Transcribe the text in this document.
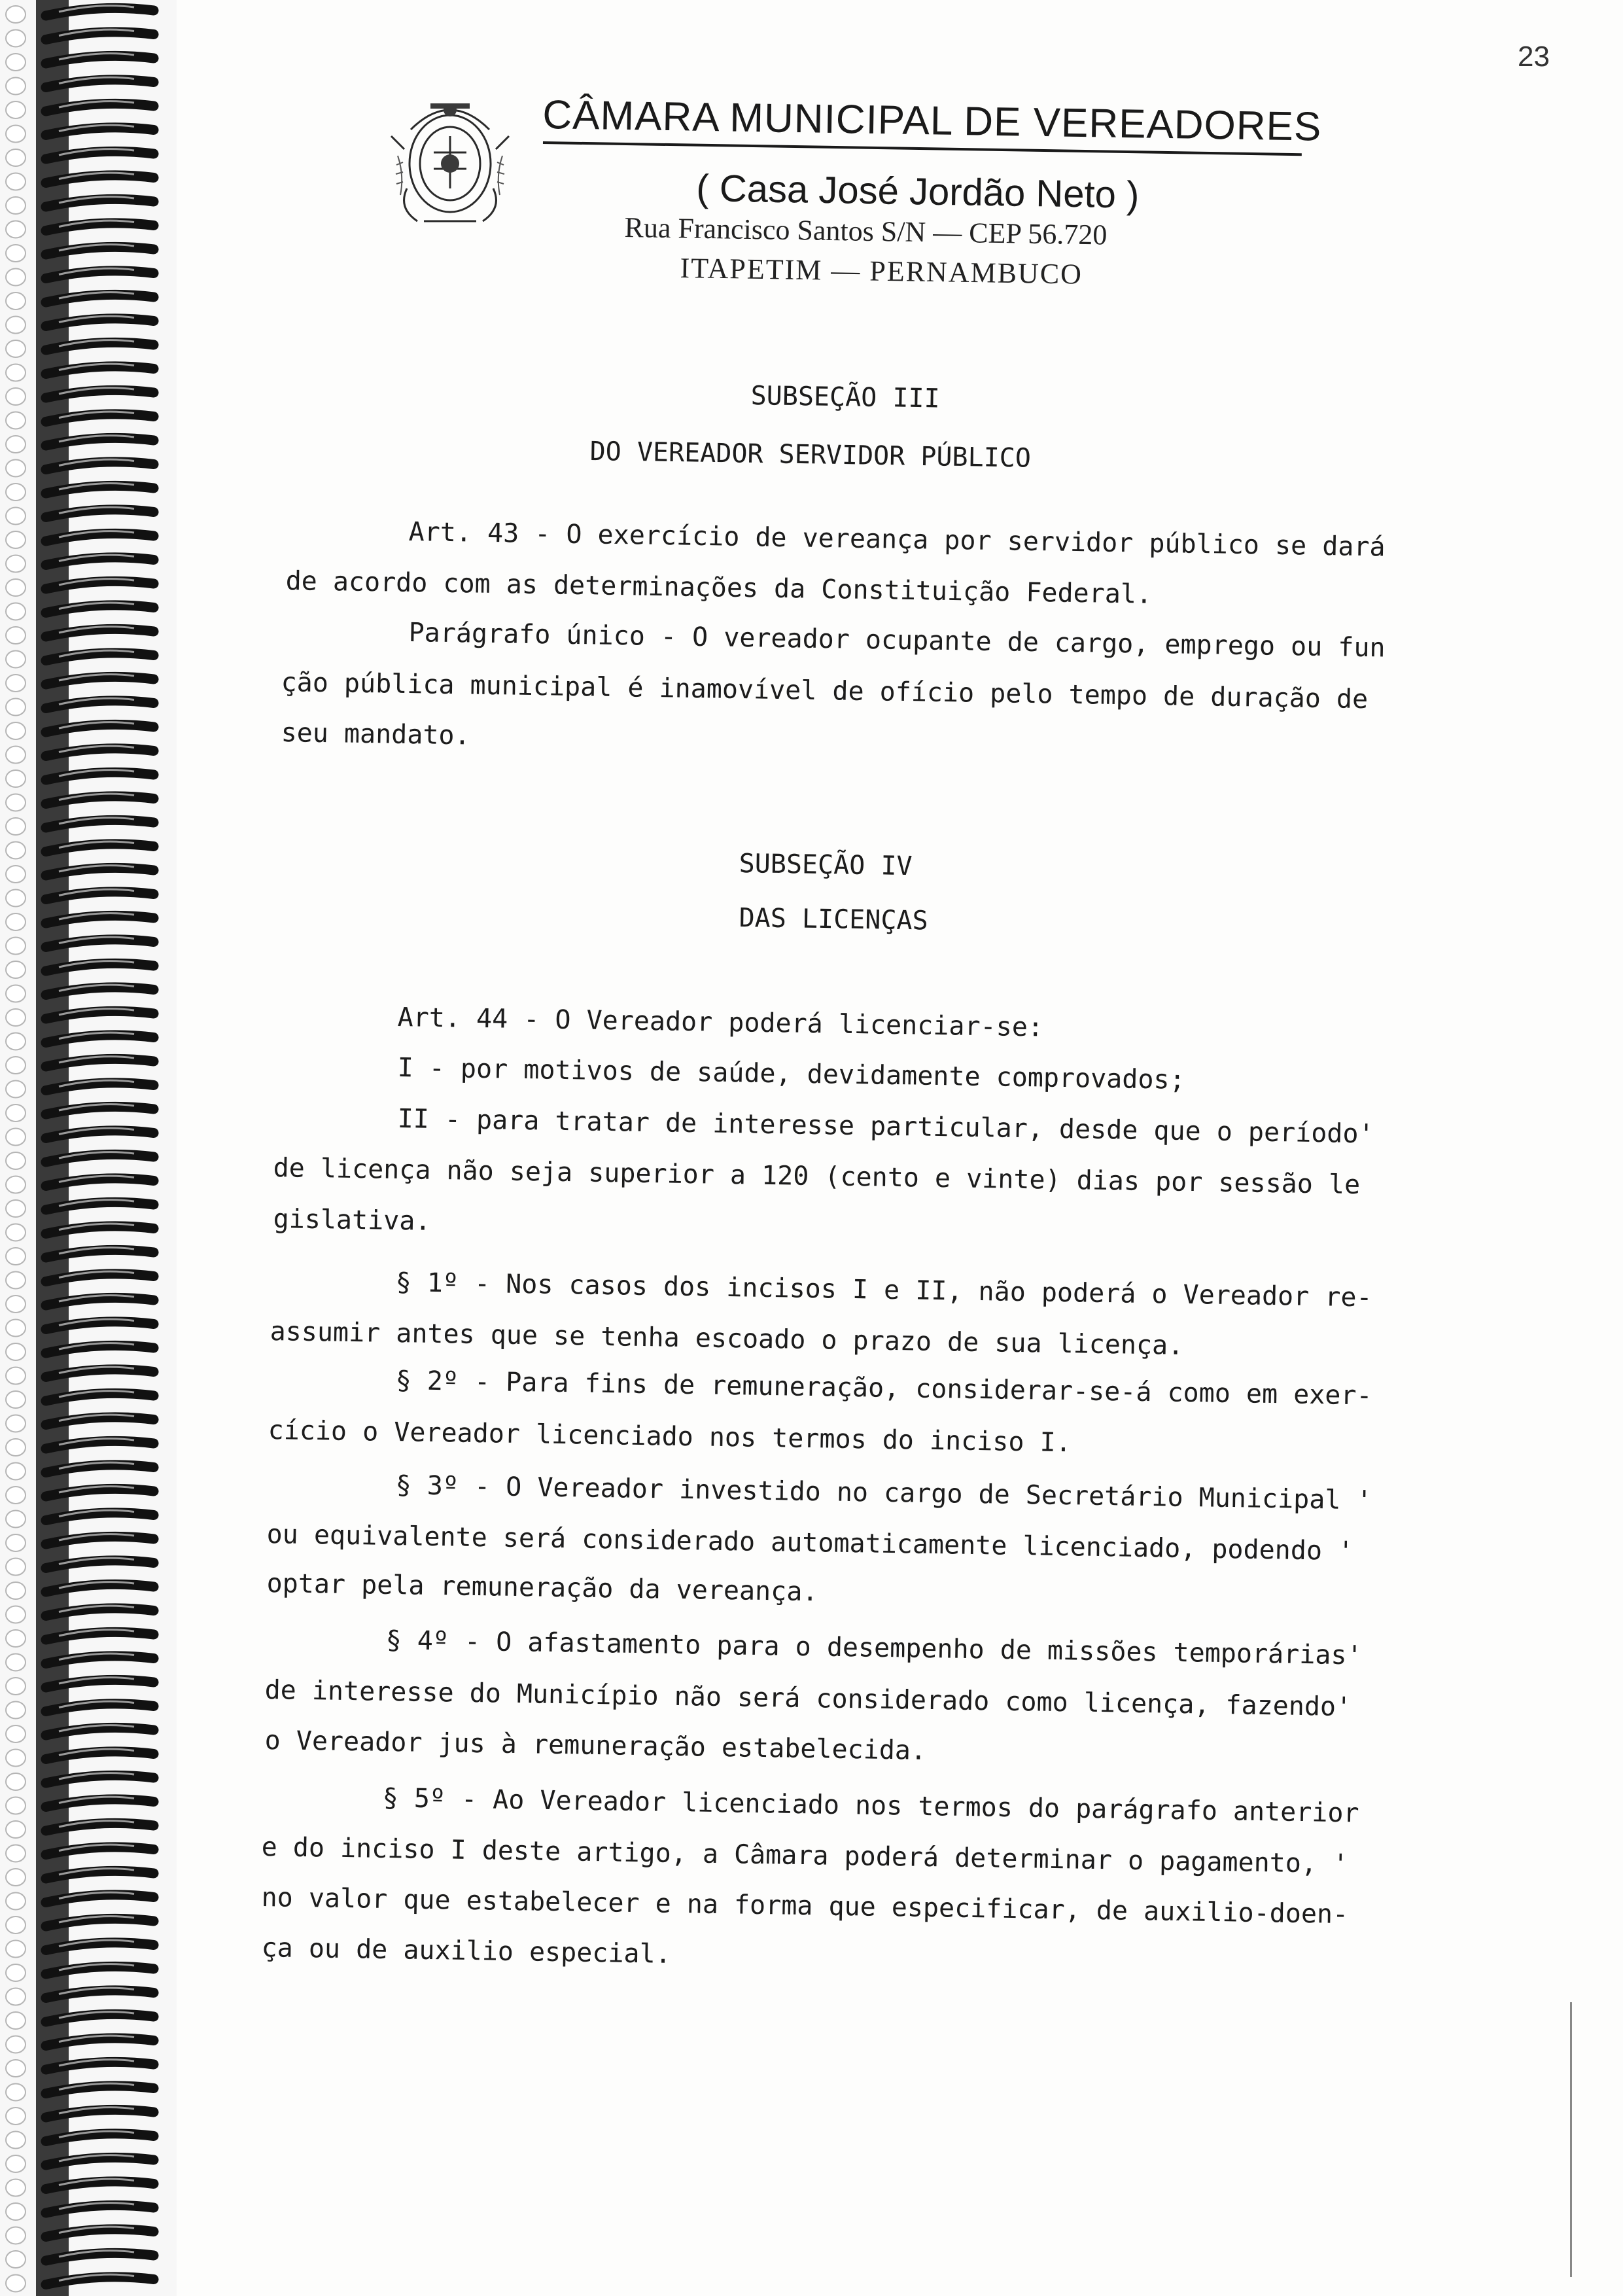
23
CÂMARA MUNICIPAL DE VEREADORES
( Casa José Jordão Neto )
Rua Francisco Santos S/N — CEP 56.720
ITAPETIM — PERNAMBUCO
SUBSEÇÃO III
DO VEREADOR SERVIDOR PÚBLICO
Art. 43 - O exercício de vereança por servidor público se dará
de acordo com as determinações da Constituição Federal.
Parágrafo único - O vereador ocupante de cargo, emprego ou fun
ção pública municipal é inamovível de ofício pelo tempo de duração de
seu mandato.
SUBSEÇÃO IV
DAS LICENÇAS
Art. 44 - O Vereador poderá licenciar-se:
I - por motivos de saúde, devidamente comprovados;
II - para tratar de interesse particular, desde que o período'
de licença não seja superior a 120 (cento e vinte) dias por sessão le
gislativa.
§ 1º - Nos casos dos incisos I e II, não poderá o Vereador re-
assumir antes que se tenha escoado o prazo de sua licença.
§ 2º - Para fins de remuneração, considerar-se-á como em exer-
cício o Vereador licenciado nos termos do inciso I.
§ 3º - O Vereador investido no cargo de Secretário Municipal '
ou equivalente será considerado automaticamente licenciado, podendo '
optar pela remuneração da vereança.
§ 4º - O afastamento para o desempenho de missões temporárias'
de interesse do Município não será considerado como licença, fazendo'
o Vereador jus à remuneração estabelecida.
§ 5º - Ao Vereador licenciado nos termos do parágrafo anterior
e do inciso I deste artigo, a Câmara poderá determinar o pagamento, '
no valor que estabelecer e na forma que especificar, de auxilio-doen-
ça ou de auxilio especial.
